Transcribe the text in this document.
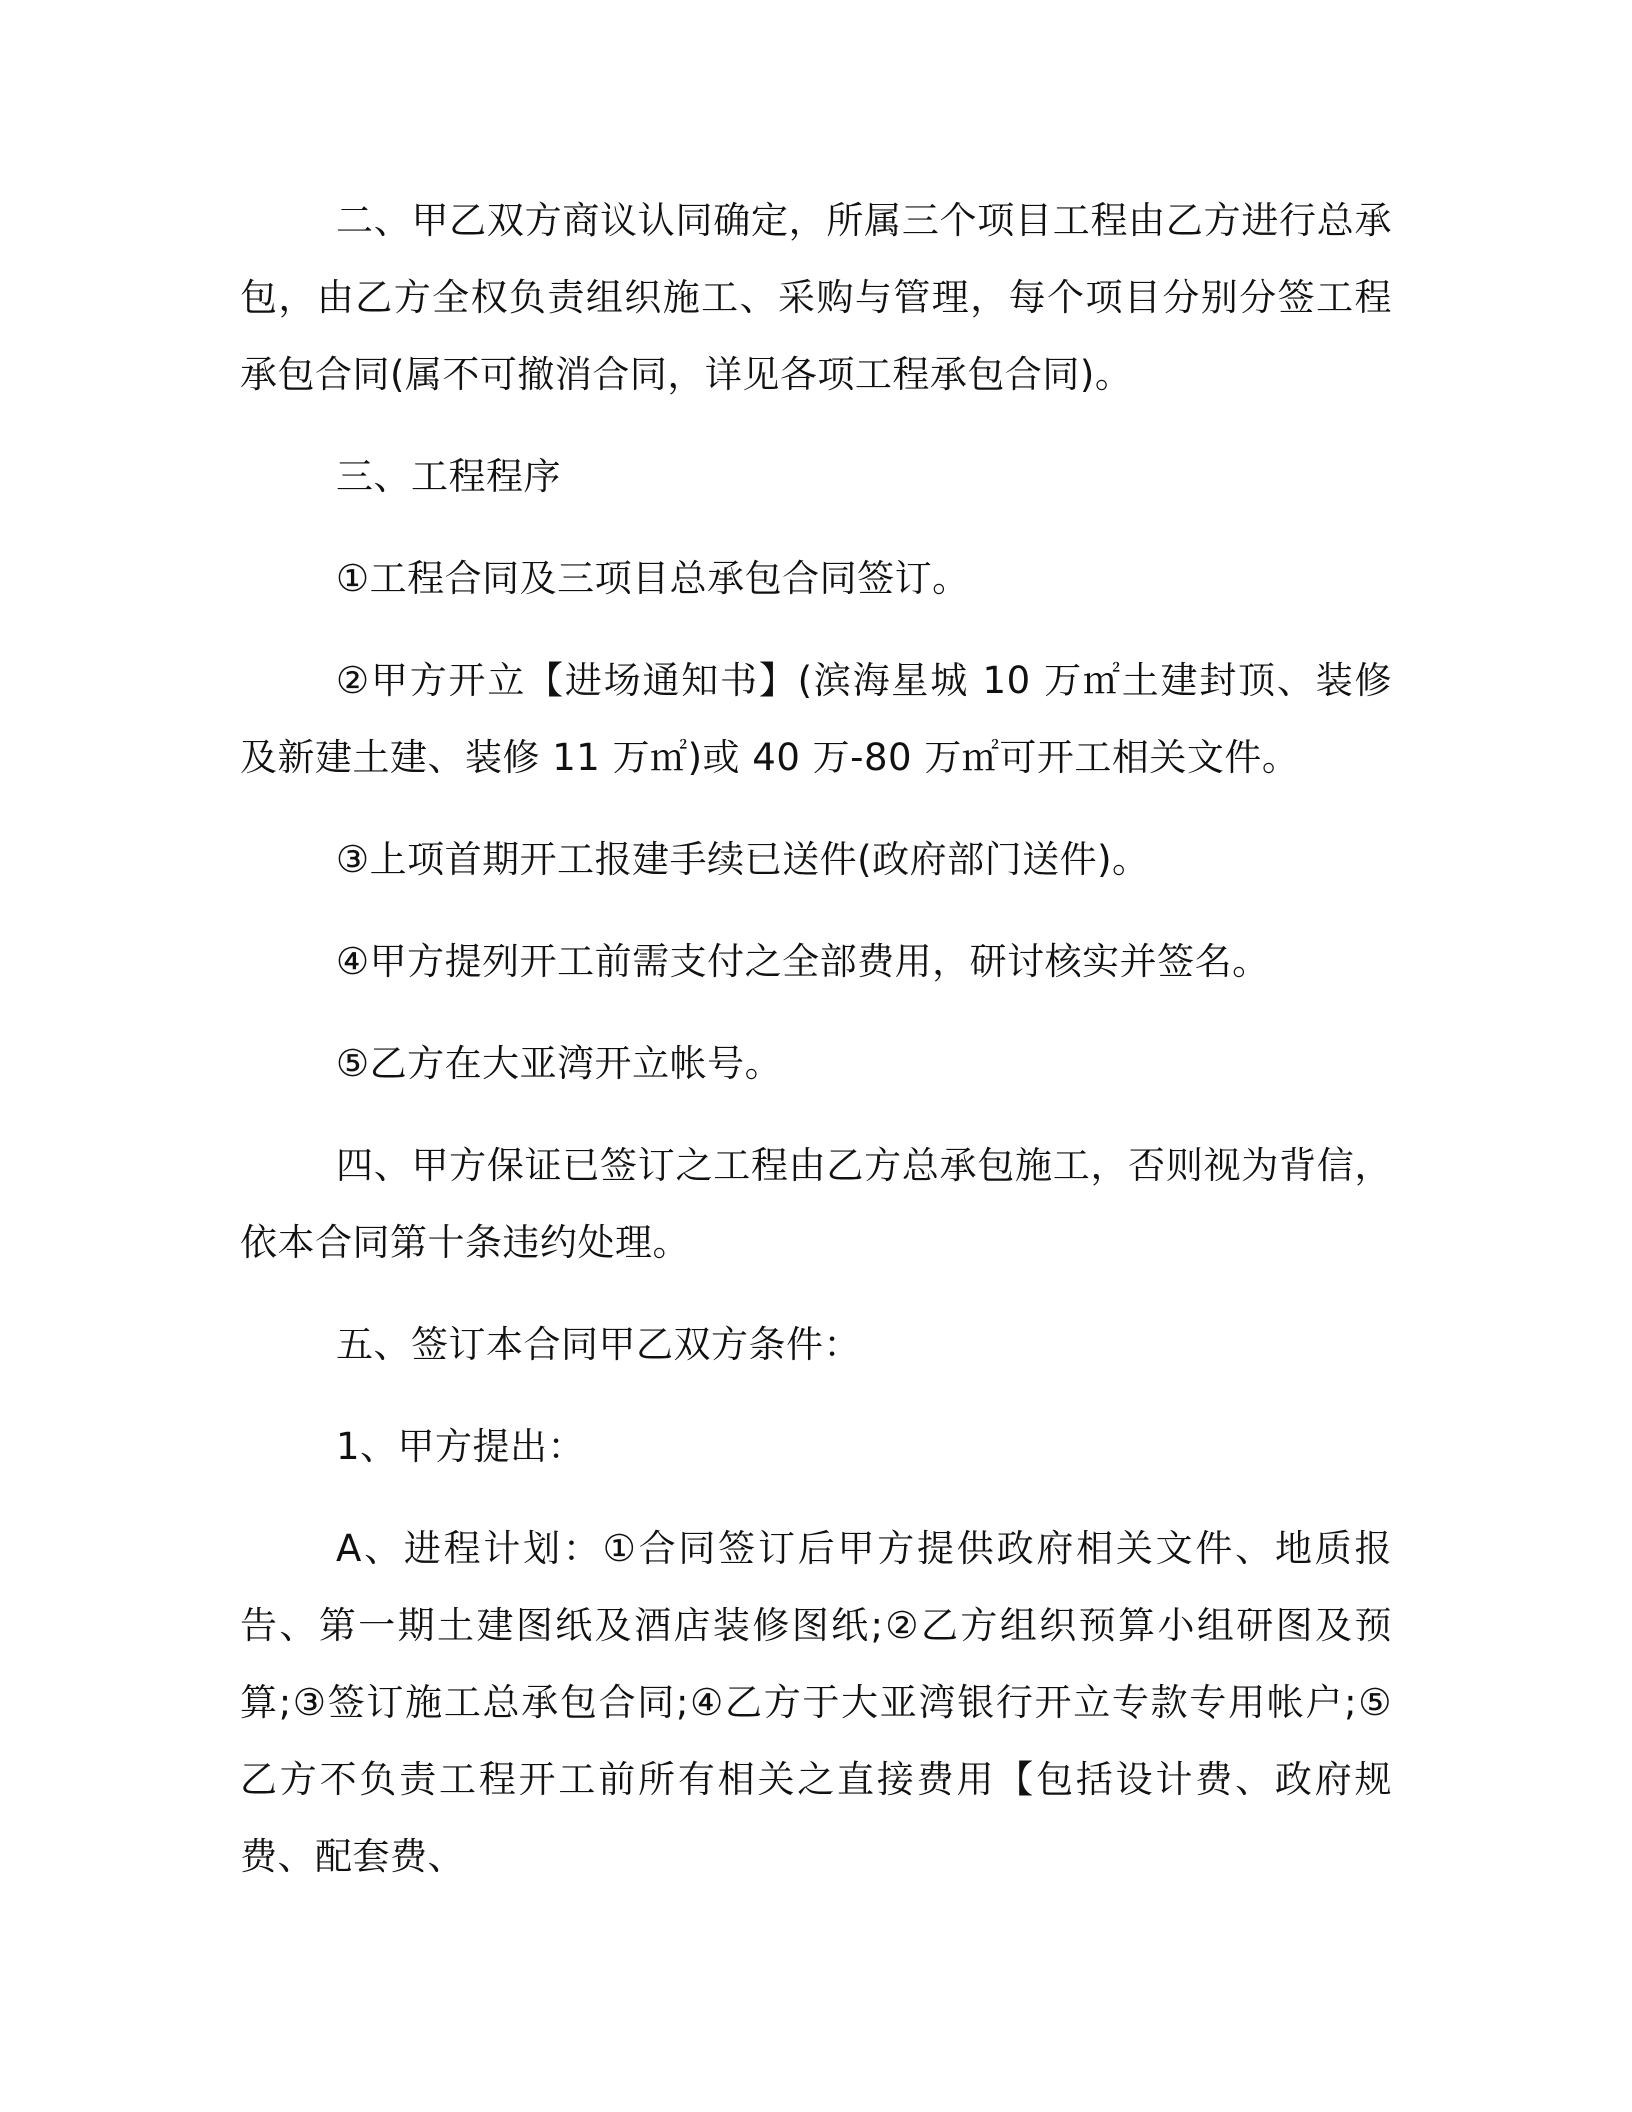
二、甲乙双方商议认同确定，所属三个项目工程由乙方进行总承包，由乙方全权负责组织施工、采购与管理，每个项目分别分签工程承包合同(属不可撤消合同，详见各项工程承包合同)。

三、工程程序

①工程合同及三项目总承包合同签订。

②甲方开立【进场通知书】(滨海星城 10 万㎡土建封顶、装修及新建土建、装修 11 万㎡)或 40 万-80 万㎡可开工相关文件。

③上项首期开工报建手续已送件(政府部门送件)。

④甲方提列开工前需支付之全部费用，研讨核实并签名。

⑤乙方在大亚湾开立帐号。

四、甲方保证已签订之工程由乙方总承包施工，否则视为背信，依本合同第十条违约处理。

五、签订本合同甲乙双方条件：

1、甲方提出：

A、进程计划：①合同签订后甲方提供政府相关文件、地质报告、第一期土建图纸及酒店装修图纸;②乙方组织预算小组研图及预算;③签订施工总承包合同;④乙方于大亚湾银行开立专款专用帐户;⑤乙方不负责工程开工前所有相关之直接费用【包括设计费、政府规费、配套费、
